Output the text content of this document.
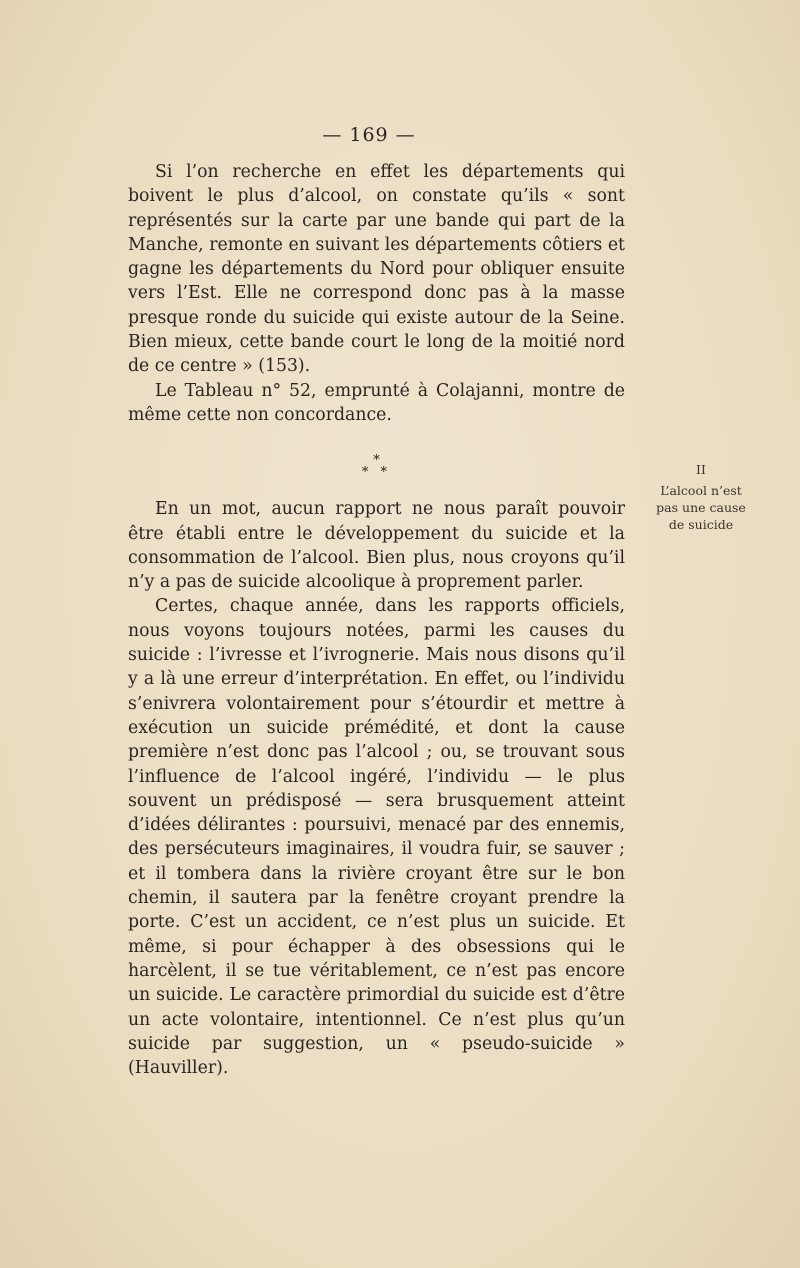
— 169 —

Si l’on recherche en effet les départements qui boivent le plus d’alcool, on constate qu’ils « sont représentés sur la carte par une bande qui part de la Manche, remonte en suivant les départements côtiers et gagne les départements du Nord pour obliquer ensuite vers l’Est. Elle ne correspond donc pas à la masse presque ronde du suicide qui existe autour de la Seine. Bien mieux, cette bande court le long de la moitié nord de ce centre » (153).

Le Tableau n° 52, emprunté à Colajanni, montre de même cette non concordance.

*
* *

En un mot, aucun rapport ne nous paraît pouvoir être établi entre le développement du suicide et la consommation de l’alcool. Bien plus, nous croyons qu’il n’y a pas de suicide alcoolique à proprement parler.

Certes, chaque année, dans les rapports officiels, nous voyons toujours notées, parmi les causes du suicide : l’ivresse et l’ivrognerie. Mais nous disons qu’il y a là une erreur d’interprétation. En effet, ou l’individu s’enivrera volontairement pour s’étourdir et mettre à exécution un suicide prémédité, et dont la cause première n’est donc pas l’alcool ; ou, se trouvant sous l’influence de l’alcool ingéré, l’individu — le plus souvent un prédisposé — sera brusquement atteint d’idées délirantes : poursuivi, menacé par des ennemis, des persécuteurs imaginaires, il voudra fuir, se sauver ; et il tombera dans la rivière croyant être sur le bon chemin, il sautera par la fenêtre croyant prendre la porte. C’est un accident, ce n’est plus un suicide. Et même, si pour échapper à des obsessions qui le harcèlent, il se tue véritablement, ce n’est pas encore un suicide. Le caractère primordial du suicide est d’être un acte volontaire, intentionnel. Ce n’est plus qu’un suicide par suggestion, un « pseudo-suicide » (Hauviller).

II
L’alcool n’est
pas une cause
de suicide
